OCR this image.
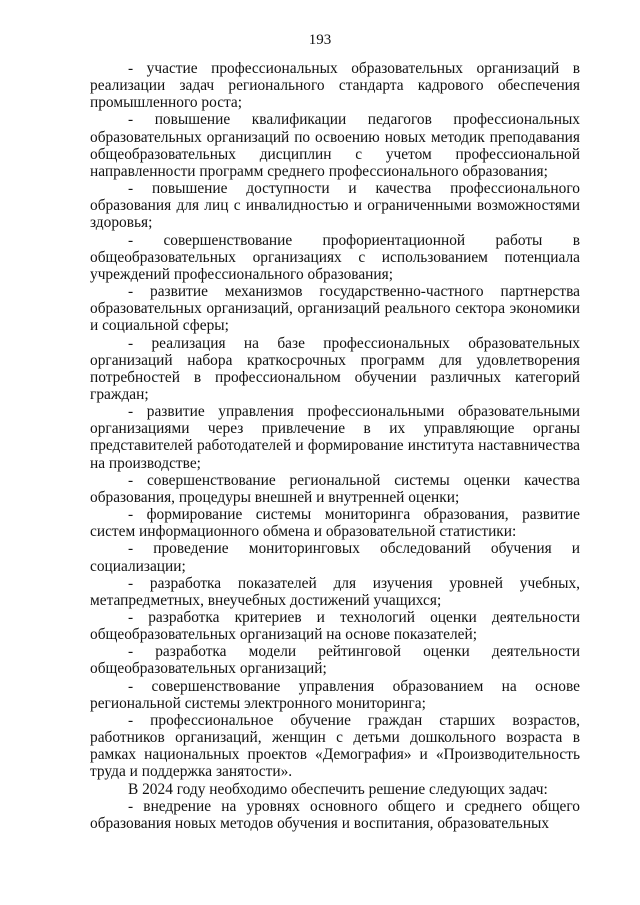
193

- участие профессиональных образовательных организаций в реализации задач регионального стандарта кадрового обеспечения промышленного роста;

- повышение квалификации педагогов профессиональных образовательных организаций по освоению новых методик преподавания общеобразовательных дисциплин с учетом профессиональной направленности программ среднего профессионального образования;

- повышение доступности и качества профессионального образования для лиц с инвалидностью и ограниченными возможностями здоровья;

- совершенствование профориентационной работы в общеобразовательных организациях с использованием потенциала учреждений профессионального образования;

- развитие механизмов государственно-частного партнерства образовательных организаций, организаций реального сектора экономики и социальной сферы;

- реализация на базе профессиональных образовательных организаций набора краткосрочных программ для удовлетворения потребностей в профессиональном обучении различных категорий граждан;

- развитие управления профессиональными образовательными организациями через привлечение в их управляющие органы представителей работодателей и формирование института наставничества на производстве;

- совершенствование региональной системы оценки качества образования, процедуры внешней и внутренней оценки;

- формирование системы мониторинга образования, развитие систем информационного обмена и образовательной статистики:

- проведение мониторинговых обследований обучения и социализации;

- разработка показателей для изучения уровней учебных, метапредметных, внеучебных достижений учащихся;

- разработка критериев и технологий оценки деятельности общеобразовательных организаций на основе показателей;

- разработка модели рейтинговой оценки деятельности общеобразовательных организаций;

- совершенствование управления образованием на основе региональной системы электронного мониторинга;

- профессиональное обучение граждан старших возрастов, работников организаций, женщин с детьми дошкольного возраста в рамках национальных проектов «Демография» и «Производительность труда и поддержка занятости».

В 2024 году необходимо обеспечить решение следующих задач:

- внедрение на уровнях основного общего и среднего общего образования новых методов обучения и воспитания, образовательных
